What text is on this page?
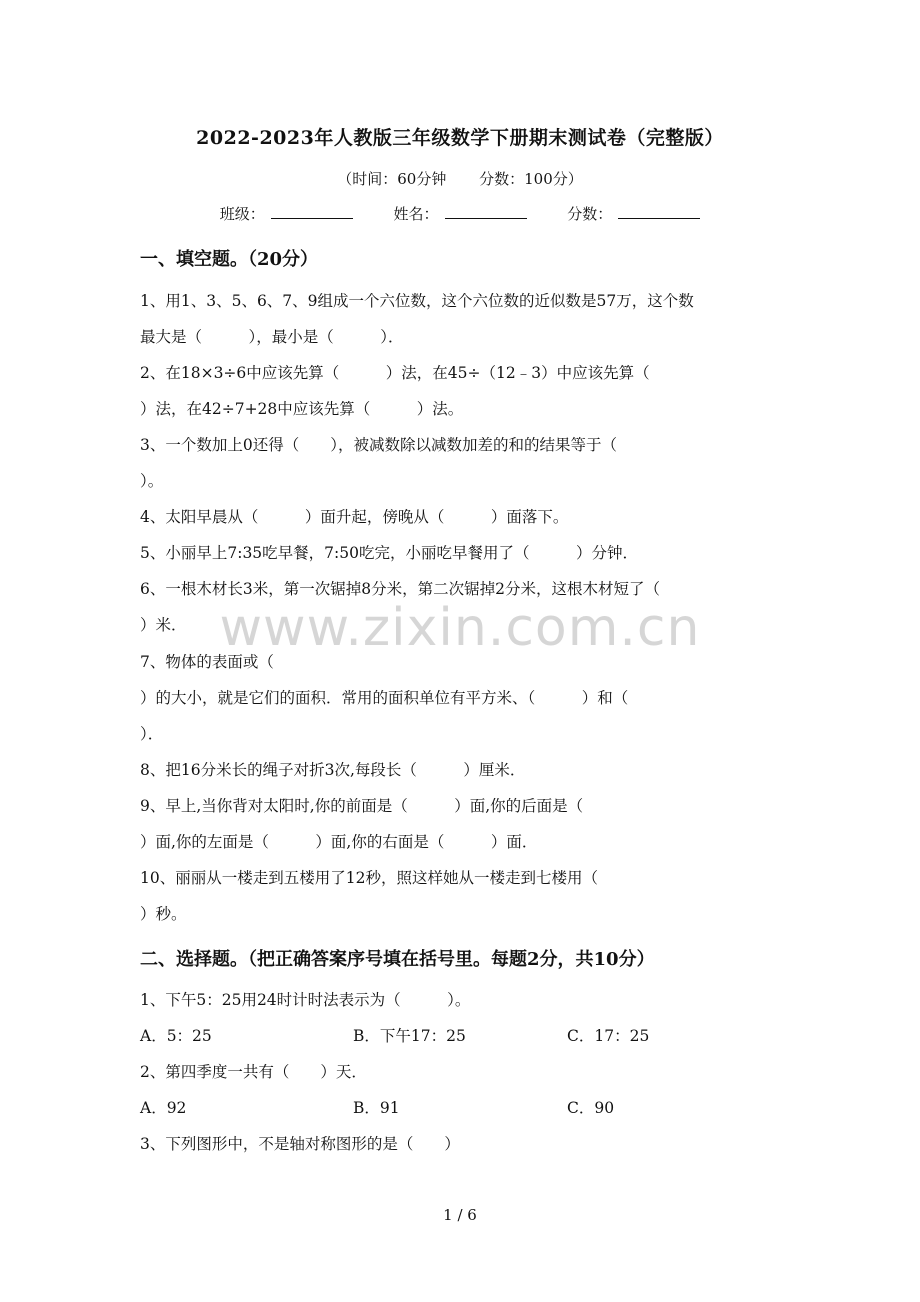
2022-2023年人教版三年级数学下册期末测试卷（完整版）
（时间：60分钟 分数：100分）
班级：	姓名：	分数：
一、填空题。（20分）
1、用1、3、5、6、7、9组成一个六位数，这个六位数的近似数是57万，这个数
最大是（　　　），最小是（　　　）．
2、在18×3÷6中应该先算（　　　）法，在45÷（12﹣3）中应该先算（
）法，在42÷7+28中应该先算（　　　）法。
3、一个数加上0还得（　　），被减数除以减数加差的和的结果等于（
）。
4、太阳早晨从（　　　）面升起，傍晚从（　　　）面落下。
5、小丽早上7:35吃早餐，7:50吃完，小丽吃早餐用了（　　　）分钟．
6、一根木材长3米，第一次锯掉8分米，第二次锯掉2分米，这根木材短了（
）米．
7、物体的表面或（
）的大小，就是它们的面积．常用的面积单位有平方米、（　　　）和（
）．
8、把16分米长的绳子对折3次,每段长（　　　）厘米．
9、早上,当你背对太阳时,你的前面是（　　　）面,你的后面是（
）面,你的左面是（　　　）面,你的右面是（　　　）面．
10、丽丽从一楼走到五楼用了12秒，照这样她从一楼走到七楼用（
）秒。
二、选择题。（把正确答案序号填在括号里。每题2分，共10分）
1、下午5：25用24时计时法表示为（　　　）。
A．5：25	B．下午17：25	C．17：25
2、第四季度一共有（　　）天．
A．92	B．91	C．90
3、下列图形中，不是轴对称图形的是（　　）
www.zixin.com.cn
1 / 6
